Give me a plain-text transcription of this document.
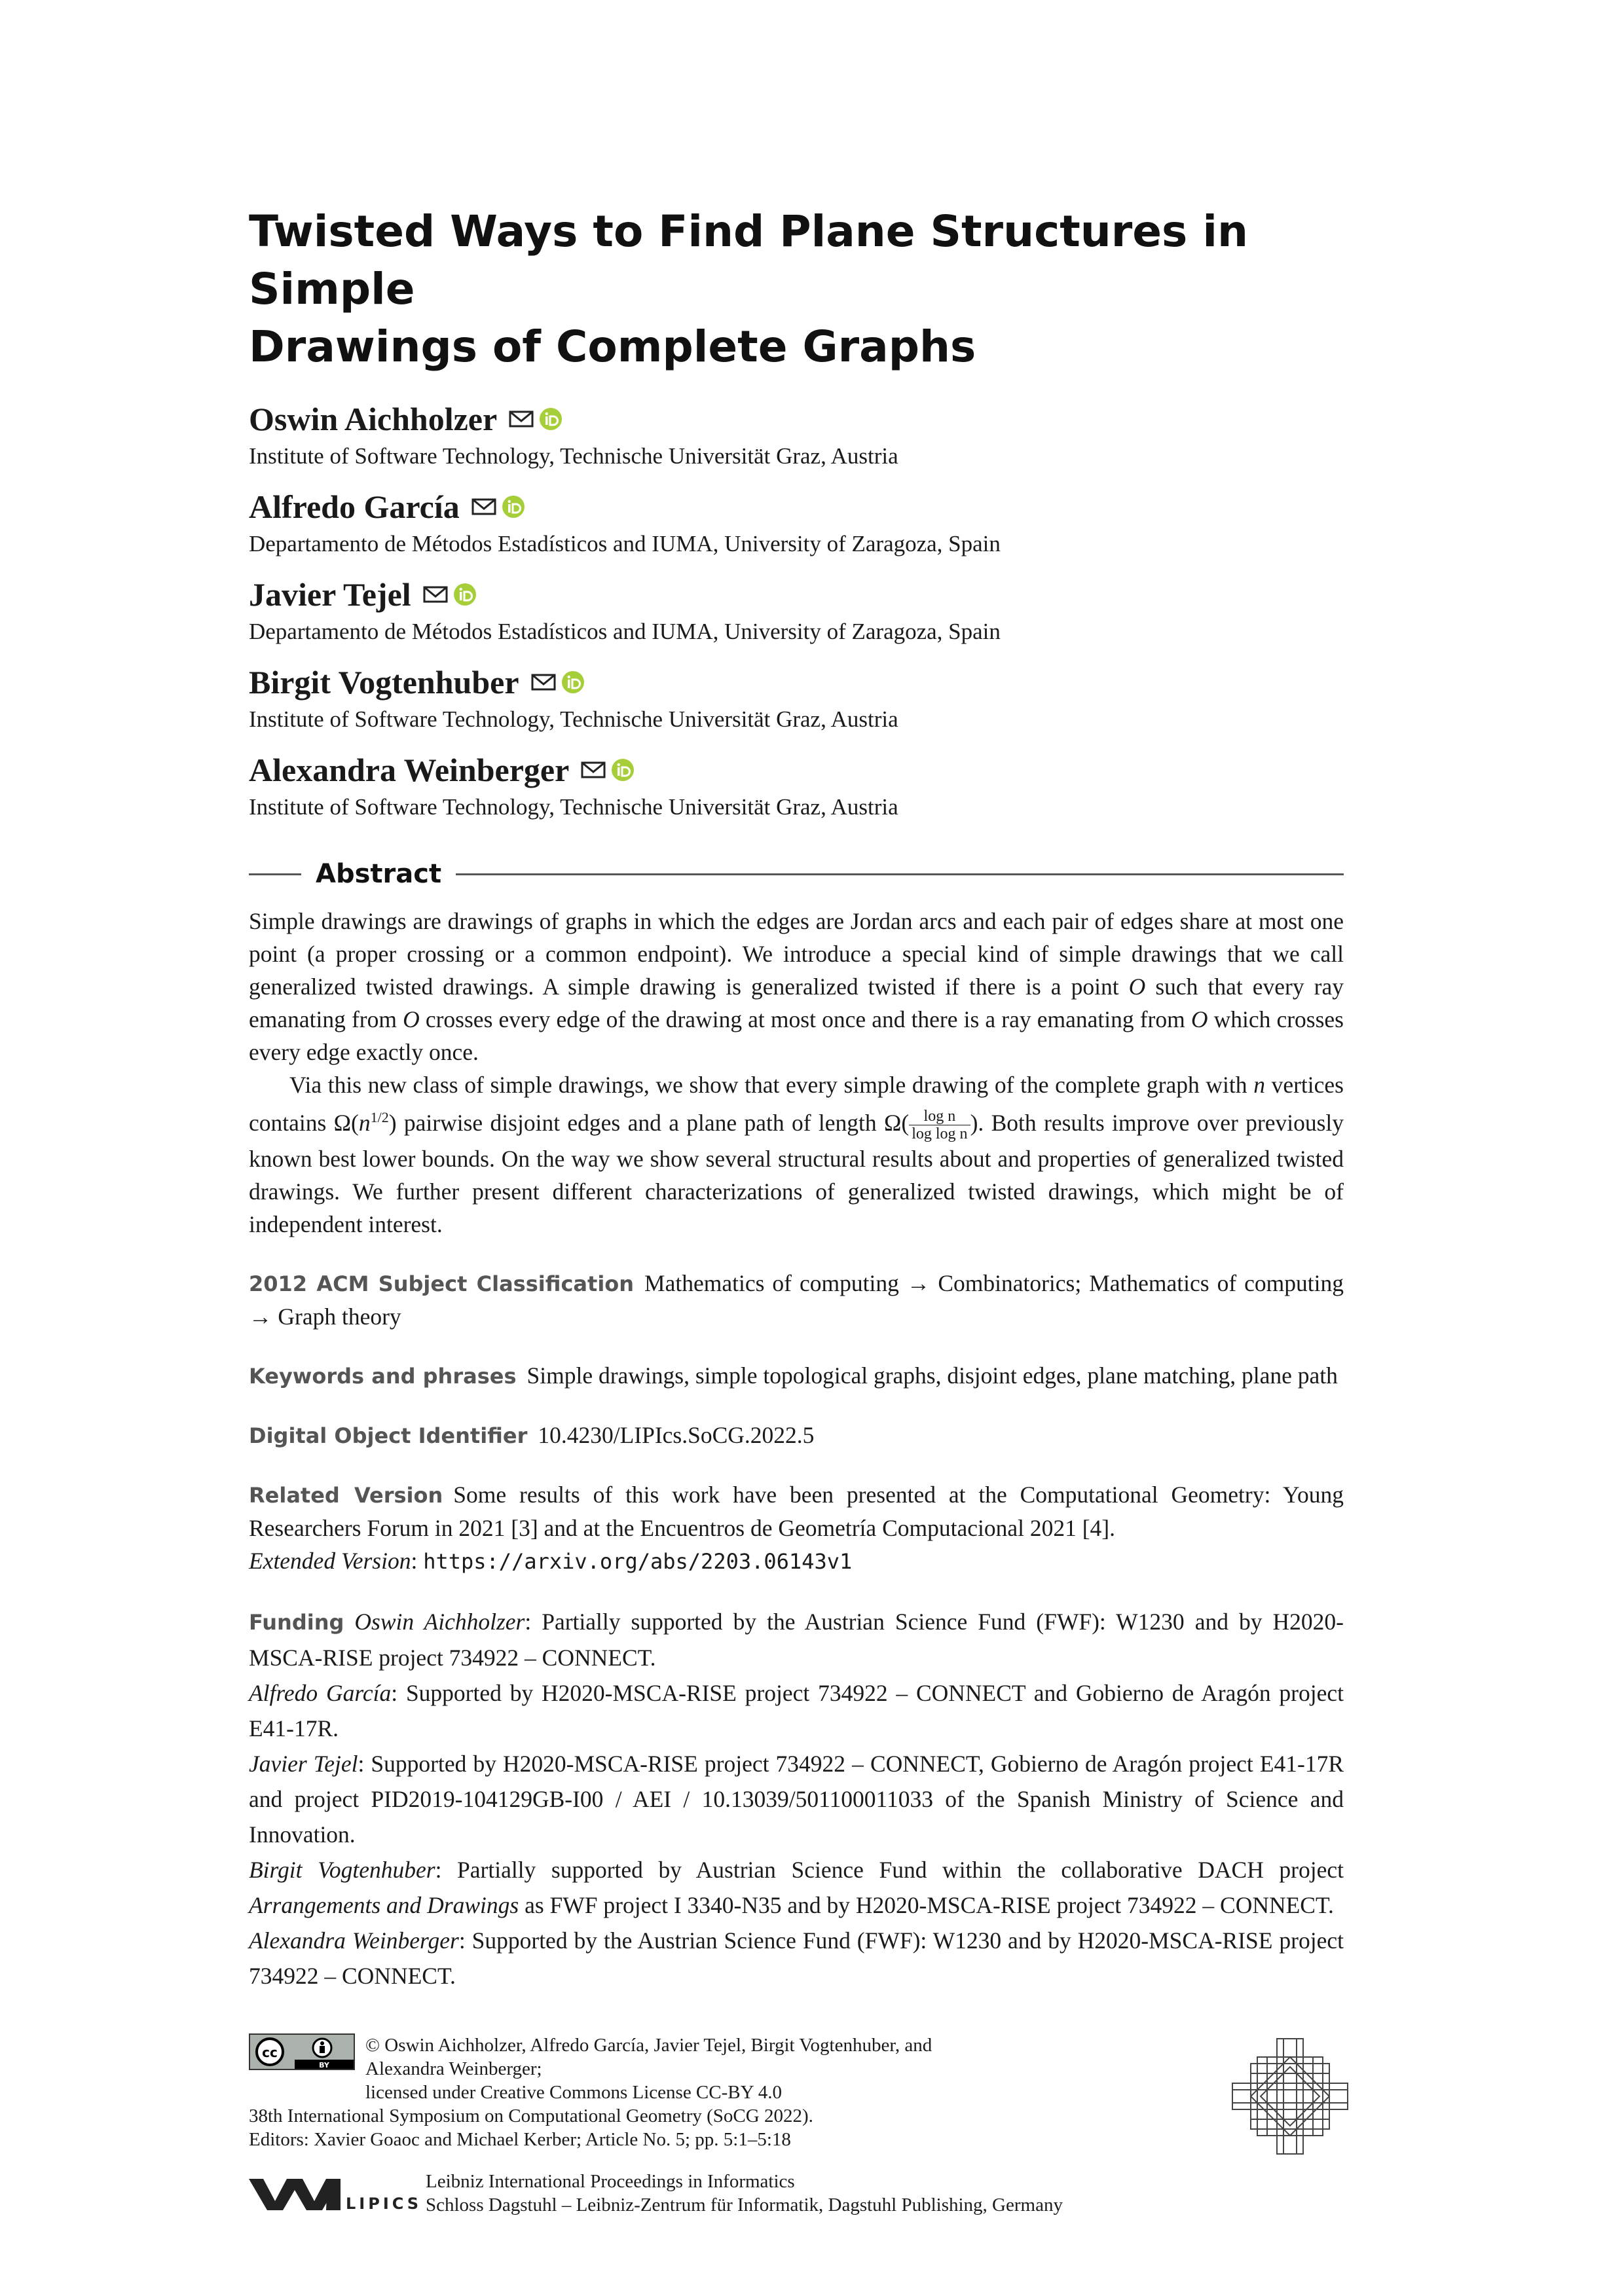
Twisted Ways to Find Plane Structures in Simple
Drawings of Complete Graphs
Oswin Aichholzer
Institute of Software Technology, Technische Universität Graz, Austria
Alfredo García
Departamento de Métodos Estadísticos and IUMA, University of Zaragoza, Spain
Javier Tejel
Departamento de Métodos Estadísticos and IUMA, University of Zaragoza, Spain
Birgit Vogtenhuber
Institute of Software Technology, Technische Universität Graz, Austria
Alexandra Weinberger
Institute of Software Technology, Technische Universität Graz, Austria
Abstract

Simple drawings are drawings of graphs in which the edges are Jordan arcs and each pair of edges share at most one point (a proper crossing or a common endpoint). We introduce a special kind of simple drawings that we call generalized twisted drawings. A simple drawing is generalized twisted if there is a point O such that every ray emanating from O crosses every edge of the drawing at most once and there is a ray emanating from O which crosses every edge exactly once.

Via this new class of simple drawings, we show that every simple drawing of the complete graph with n vertices contains $\Omega(n^{1/2})$ pairwise disjoint edges and a plane path of length $\Omega( \frac{\text{log n}}{\text{log log n}}$ ). Both results improve over previously known best lower bounds. On the way we show several structural results about and properties of generalized twisted drawings. We further present different characterizations of generalized twisted drawings, which might be of independent interest.

2012 ACM Subject Classification Mathematics of computing → Combinatorics; Mathematics of computing → Graph theory

Keywords and phrases Simple drawings, simple topological graphs, disjoint edges, plane matching, plane path

Digital Object Identifier 10.4230/LIPIcs.SoCG.2022.5

Related Version Some results of this work have been presented at the Computational Geometry: Young Researchers Forum in 2021 [3] and at the Encuentros de Geometría Computacional 2021 [4].
Extended Version: https://arxiv.org/abs/2203.06143v1

Funding Oswin Aichholzer: Partially supported by the Austrian Science Fund (FWF): W1230 and by H2020-MSCA-RISE project 734922 – CONNECT.

Alfredo García: Supported by H2020-MSCA-RISE project 734922 – CONNECT and Gobierno de Aragón project E41-17R.

Javier Tejel: Supported by H2020-MSCA-RISE project 734922 – CONNECT, Gobierno de Aragón project E41-17R and project PID2019-104129GB-I00 / AEI / 10.13039/501100011033 of the Spanish Ministry of Science and Innovation.

Birgit Vogtenhuber: Partially supported by Austrian Science Fund within the collaborative DACH project Arrangements and Drawings as FWF project I 3340-N35 and by H2020-MSCA-RISE project 734922 – CONNECT.

Alexandra Weinberger: Supported by the Austrian Science Fund (FWF): W1230 and by H2020-MSCA-RISE project 734922 – CONNECT.

cc
BY
© Oswin Aichholzer, Alfredo García, Javier Tejel, Birgit Vogtenhuber, and
Alexandra Weinberger;
licensed under Creative Commons License CC-BY 4.0
38th International Symposium on Computational Geometry (SoCG 2022).
Editors: Xavier Goaoc and Michael Kerber; Article No. 5; pp. 5:1–5:18
LIPICS
Leibniz International Proceedings in Informatics
Schloss Dagstuhl – Leibniz-Zentrum für Informatik, Dagstuhl Publishing, Germany
